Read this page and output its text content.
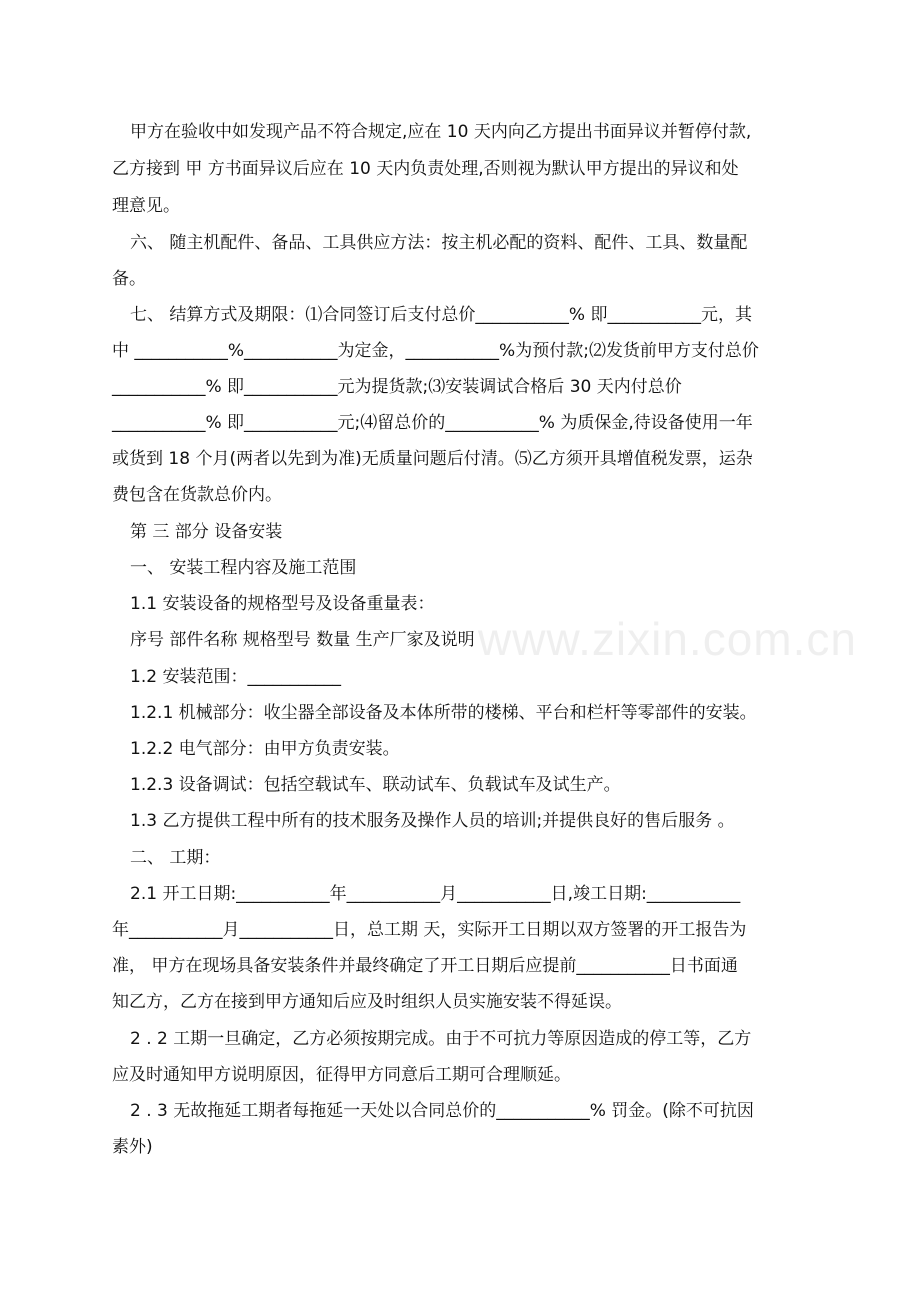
www.zixin.com.cn
甲方在验收中如发现产品不符合规定,应在 10 天内向乙方提出书面异议并暂停付款,
乙方接到 甲 方书面异议后应在 10 天内负责处理,否则视为默认甲方提出的异议和处
理意见。
六、 随主机配件、备品、工具供应方法：按主机必配的资料、配件、工具、数量配
备。
七、 结算方式及期限：⑴合同签订后支付总价___________% 即___________元，其
中 ___________%___________为定金，___________%为预付款;⑵发货前甲方支付总价
___________% 即___________元为提货款;⑶安装调试合格后 30 天内付总价
___________% 即___________元;⑷留总价的___________% 为质保金,待设备使用一年
或货到 18 个月(两者以先到为准)无质量问题后付清。⑸乙方须开具增值税发票，运杂
费包含在货款总价内。
第 三 部分 设备安装
一、 安装工程内容及施工范围
1.1 安装设备的规格型号及设备重量表：
序号 部件名称 规格型号 数量 生产厂家及说明
1.2 安装范围：___________
1.2.1 机械部分：收尘器全部设备及本体所带的楼梯、平台和栏杆等零部件的安装。
1.2.2 电气部分：由甲方负责安装。
1.2.3 设备调试：包括空载试车、联动试车、负载试车及试生产。
1.3 乙方提供工程中所有的技术服务及操作人员的培训;并提供良好的售后服务 。
二、 工期：
2.1 开工日期:___________年___________月___________日,竣工日期:___________
年___________月___________日，总工期 天，实际开工日期以双方签署的开工报告为
准， 甲方在现场具备安装条件并最终确定了开工日期后应提前___________日书面通
知乙方，乙方在接到甲方通知后应及时组织人员实施安装不得延误。
2 . 2 工期一旦确定，乙方必须按期完成。由于不可抗力等原因造成的停工等，乙方
应及时通知甲方说明原因，征得甲方同意后工期可合理顺延。
2 . 3 无故拖延工期者每拖延一天处以合同总价的___________% 罚金。(除不可抗因
素外)
